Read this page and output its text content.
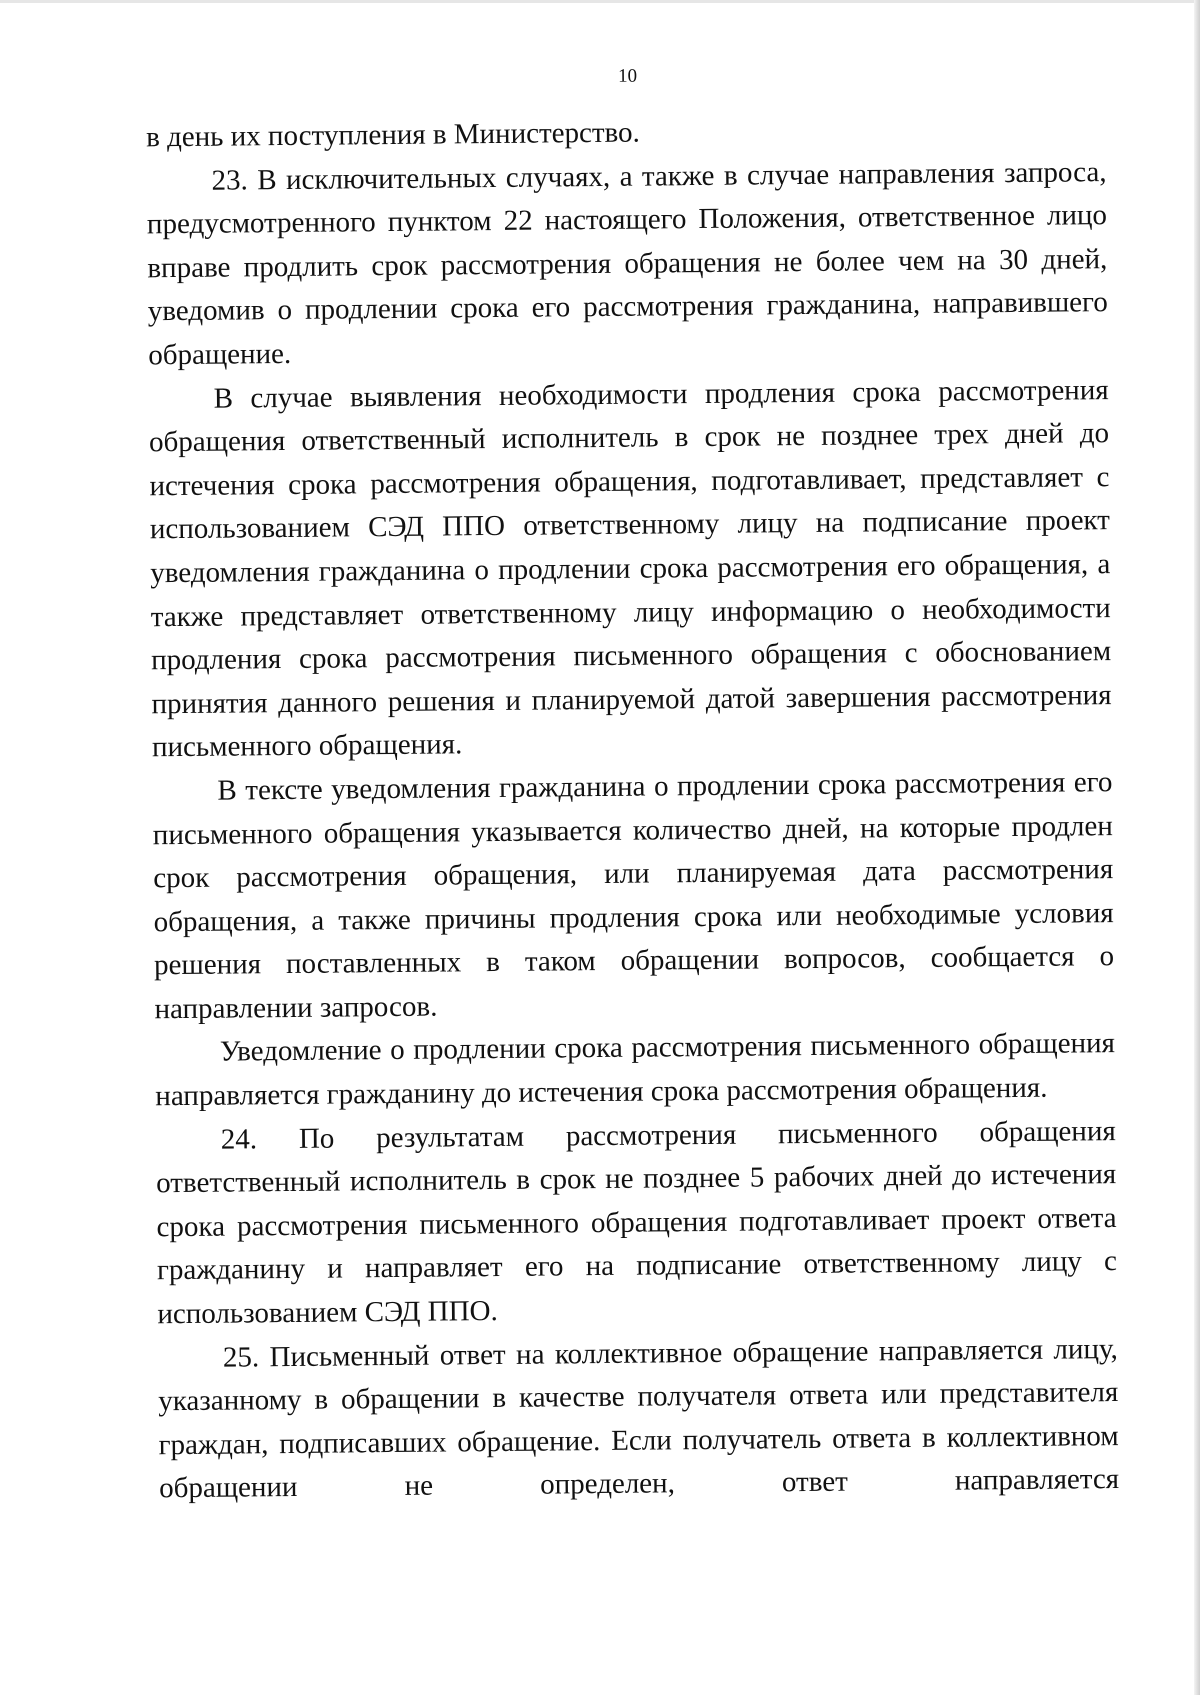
10

в день их поступления в Министерство.

23. В исключительных случаях, а также в случае направления запроса, предусмотренного пунктом 22 настоящего Положения, ответственное лицо вправе продлить срок рассмотрения обращения не более чем на 30 дней, уведомив о продлении срока его рассмотрения гражданина, направившего обращение.

В случае выявления необходимости продления срока рассмотрения обращения ответственный исполнитель в срок не позднее трех дней до истечения срока рассмотрения обращения, подготавливает, представляет с использованием СЭД ППО ответственному лицу на подписание проект уведомления гражданина о продлении срока рассмотрения его обращения, а также представляет ответственному лицу информацию о необходимости продления срока рассмотрения письменного обращения с обоснованием принятия данного решения и планируемой датой завершения рассмотрения письменного обращения.

В тексте уведомления гражданина о продлении срока рассмотрения его письменного обращения указывается количество дней, на которые продлен срок рассмотрения обращения, или планируемая дата рассмотрения обращения, а также причины продления срока или необходимые условия решения поставленных в таком обращении вопросов, сообщается о направлении запросов.

Уведомление о продлении срока рассмотрения письменного обращения направляется гражданину до истечения срока рассмотрения обращения.

24. По результатам рассмотрения письменного обращения ответственный исполнитель в срок не позднее 5 рабочих дней до истечения срока рассмотрения письменного обращения подготавливает проект ответа гражданину и направляет его на подписание ответственному лицу с использованием СЭД ППО.

25. Письменный ответ на коллективное обращение направляется лицу, указанному в обращении в качестве получателя ответа или представителя граждан, подписавших обращение. Если получатель ответа в коллективном обращении не определен, ответ направляется
